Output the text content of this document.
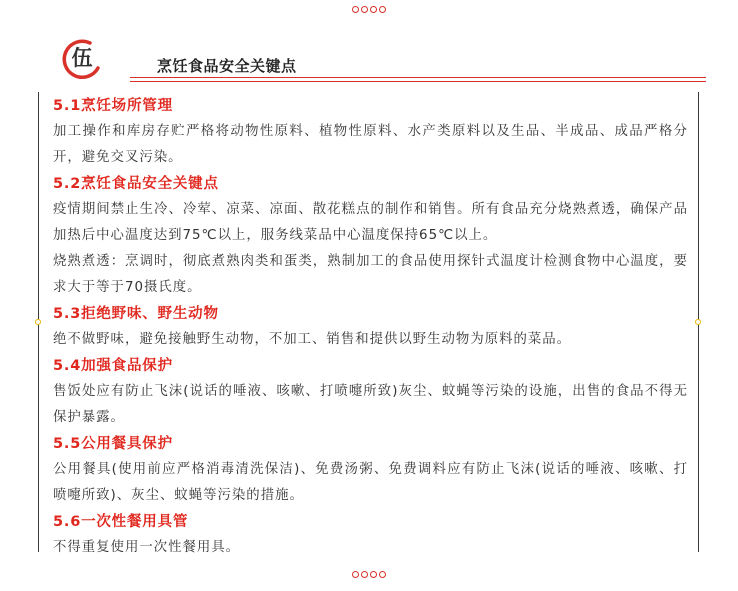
伍	烹饪食品安全关键点
5.1烹饪场所管理
加工操作和库房存贮严格将动物性原料、植物性原料、水产类原料以及生品、半成品、成品严格分开，避免交叉污染。
5.2烹饪食品安全关键点
疫情期间禁止生冷、冷荤、凉菜、凉面、散花糕点的制作和销售。所有食品充分烧熟煮透，确保产品加热后中心温度达到75℃以上，服务线菜品中心温度保持65℃以上。
烧熟煮透：烹调时，彻底煮熟肉类和蛋类，熟制加工的食品使用探针式温度计检测食物中心温度，要求大于等于70摄氏度。
5.3拒绝野味、野生动物
绝不做野味，避免接触野生动物，不加工、销售和提供以野生动物为原料的菜品。
5.4加强食品保护
售饭处应有防止飞沫(说话的唾液、咳嗽、打喷嚏所致)灰尘、蚊蝇等污染的设施，出售的食品不得无保护暴露。
5.5公用餐具保护
公用餐具(使用前应严格消毒清洗保洁)、免费汤粥、免费调料应有防止飞沫(说话的唾液、咳嗽、打喷嚏所致)、灰尘、蚊蝇等污染的措施。
5.6一次性餐用具管
不得重复使用一次性餐用具。
